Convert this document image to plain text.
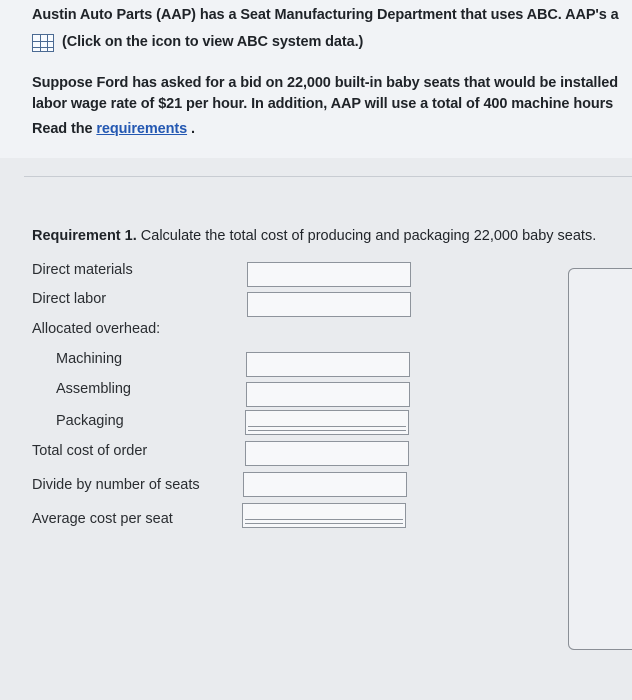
Austin Auto Parts (AAP) has a Seat Manufacturing Department that uses ABC. AAP's a
(Click on the icon to view ABC system data.)
Suppose Ford has asked for a bid on 22,000 built-in baby seats that would be installed
labor wage rate of $21 per hour. In addition, AAP will use a total of 400 machine hours
Read the requirements .
Requirement 1. Calculate the total cost of producing and packaging 22,000 baby seats.
Direct materials
Direct labor
Allocated overhead:
Machining
Assembling
Packaging
Total cost of order
Divide by number of seats
Average cost per seat
